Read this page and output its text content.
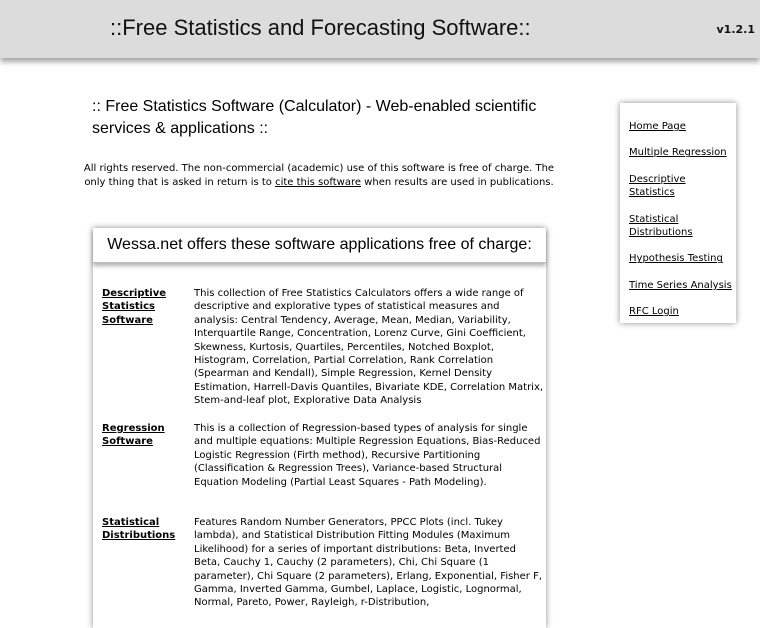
::Free Statistics and Forecasting Software::	v1.2.1
:: Free Statistics Software (Calculator) - Web-enabled scientific services & applications ::
All rights reserved. The non-commercial (academic) use of this software is free of charge. The only thing that is asked in return is to cite this software when results are used in publications.
Wessa.net offers these software applications free of charge:
Descriptive Statistics Software
This collection of Free Statistics Calculators offers a wide range of descriptive and explorative types of statistical measures and analysis: Central Tendency, Average, Mean, Median, Variability, Interquartile Range, Concentration, Lorenz Curve, Gini Coefficient, Skewness, Kurtosis, Quartiles, Percentiles, Notched Boxplot, Histogram, Correlation, Partial Correlation, Rank Correlation (Spearman and Kendall), Simple Regression, Kernel Density Estimation, Harrell-Davis Quantiles, Bivariate KDE, Correlation Matrix, Stem-and-leaf plot, Explorative Data Analysis
Regression Software
This is a collection of Regression-based types of analysis for single and multiple equations: Multiple Regression Equations, Bias-Reduced Logistic Regression (Firth method), Recursive Partitioning (Classification & Regression Trees), Variance-based Structural Equation Modeling (Partial Least Squares - Path Modeling).
Statistical Distributions
Features Random Number Generators, PPCC Plots (incl. Tukey lambda), and Statistical Distribution Fitting Modules (Maximum Likelihood) for a series of important distributions: Beta, Inverted Beta, Cauchy 1, Cauchy (2 parameters), Chi, Chi Square (1 parameter), Chi Square (2 parameters), Erlang, Exponential, Fisher F, Gamma, Inverted Gamma, Gumbel, Laplace, Logistic, Lognormal, Normal, Pareto, Power, Rayleigh, r-Distribution,
Home Page
Multiple Regression
Descriptive Statistics
Statistical Distributions
Hypothesis Testing
Time Series Analysis
RFC Login
